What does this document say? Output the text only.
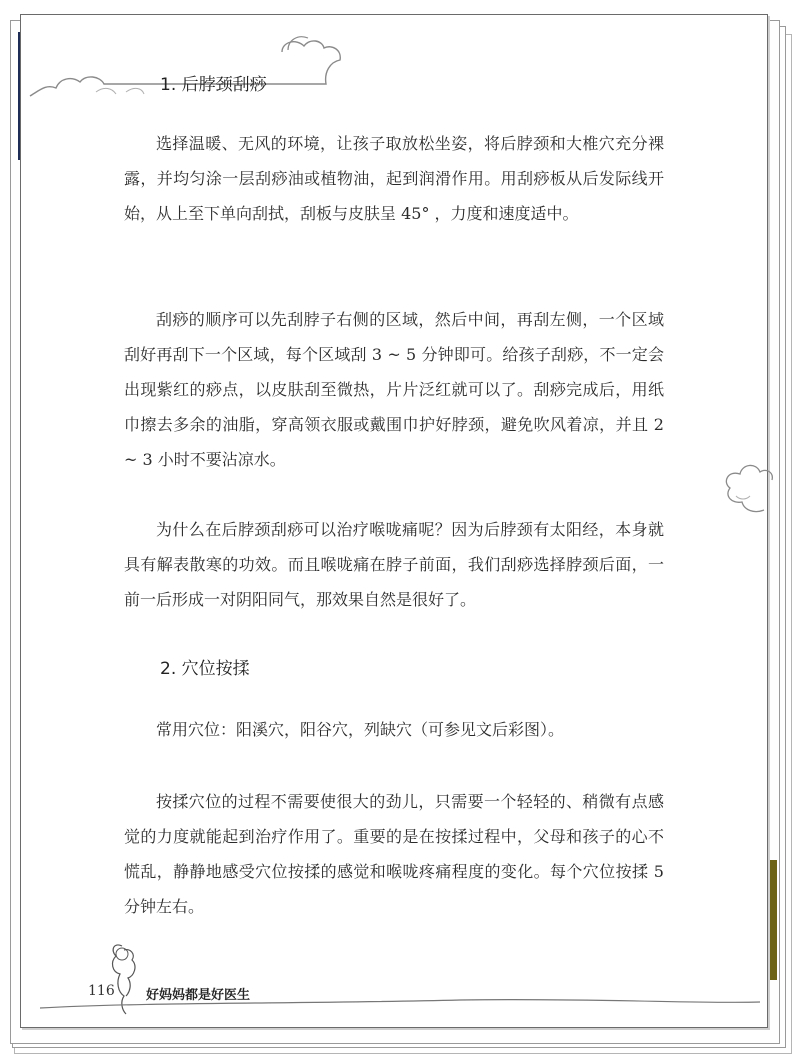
1. 后脖颈刮痧

选择温暖、无风的环境，让孩子取放松坐姿，将后脖颈和大椎穴充分裸露，并均匀涂一层刮痧油或植物油，起到润滑作用。用刮痧板从后发际线开始，从上至下单向刮拭，刮板与皮肤呈 45° ，力度和速度适中。

刮痧的顺序可以先刮脖子右侧的区域，然后中间，再刮左侧，一个区域刮好再刮下一个区域，每个区域刮 3 ~ 5 分钟即可。给孩子刮痧，不一定会出现紫红的痧点，以皮肤刮至微热，片片泛红就可以了。刮痧完成后，用纸巾擦去多余的油脂，穿高领衣服或戴围巾护好脖颈，避免吹风着凉，并且 2 ~ 3 小时不要沾凉水。

为什么在后脖颈刮痧可以治疗喉咙痛呢？因为后脖颈有太阳经，本身就具有解表散寒的功效。而且喉咙痛在脖子前面，我们刮痧选择脖颈后面，一前一后形成一对阴阳同气，那效果自然是很好了。

2. 穴位按揉

常用穴位：阳溪穴，阳谷穴，列缺穴（可参见文后彩图）。

按揉穴位的过程不需要使很大的劲儿，只需要一个轻轻的、稍微有点感觉的力度就能起到治疗作用了。重要的是在按揉过程中，父母和孩子的心不慌乱，静静地感受穴位按揉的感觉和喉咙疼痛程度的变化。每个穴位按揉 5 分钟左右。

116 好妈妈都是好医生
